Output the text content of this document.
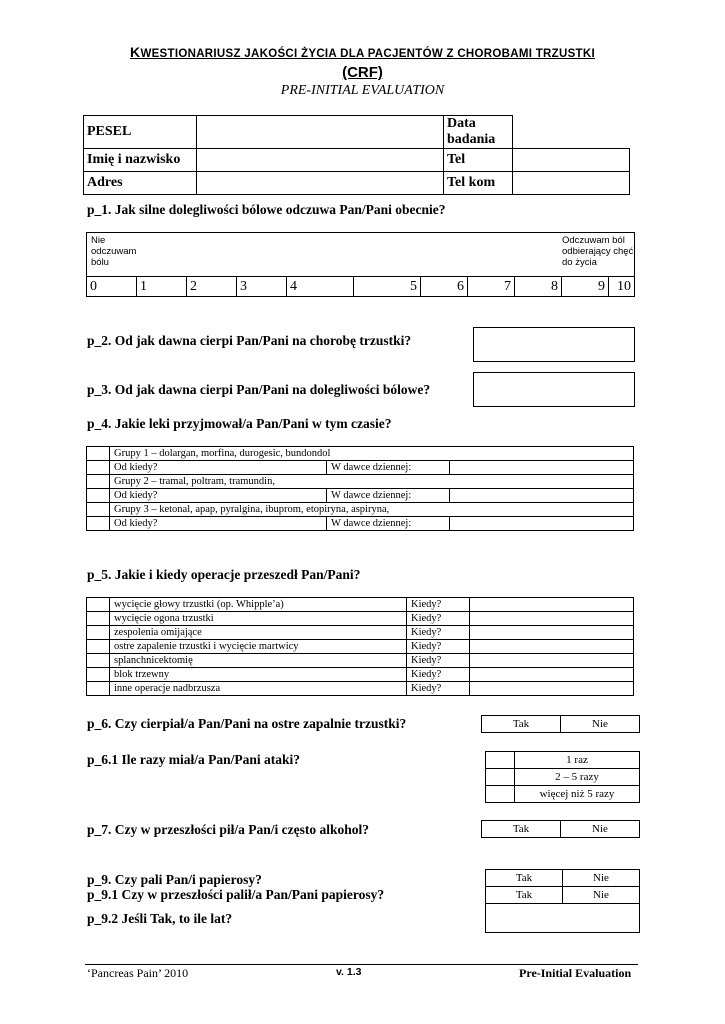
KWESTIONARIUSZ JAKOŚCI ŻYCIA DLA PACJENTÓW Z CHOROBAMI TRZUSTKI
(CRF)
PRE-INITIAL EVALUATION
PESEL		Data badania	
Imię i nazwisko		Tel	
Adres		Tel kom	
p_1. Jak silne dolegliwości bólowe odczuwa Pan/Pani obecnie?
Nie
odczuwam
bólu
Odczuwam ból
odbierający chęć
do życia

0	1	2	3	4	5	6	7	8	9	10
p_2. Od jak dawna cierpi Pan/Pani na chorobę trzustki?
p_3. Od jak dawna cierpi Pan/Pani na dolegliwości bólowe?
p_4. Jakie leki przyjmował/a Pan/Pani w tym czasie?
	Grupy 1 – dolargan, morfina, durogesic, bundondol		
	Od kiedy?	W dawce dziennej:	
	Grupy 2 – tramal, poltram, tramundin,		
	Od kiedy?	W dawce dziennej:	
	Grupy 3 – ketonal, apap, pyralgina, ibuprom, etopiryna, aspiryna,		
	Od kiedy?	W dawce dziennej:	
p_5. Jakie i kiedy operacje przeszedł Pan/Pani?
	wycięcie głowy trzustki (op. Whipple’a)	Kiedy?	
	wycięcie ogona trzustki	Kiedy?	
	zespolenia omijające	Kiedy?	
	ostre zapalenie trzustki i wycięcie martwicy	Kiedy?	
	splanchnicektomię	Kiedy?	
	blok trzewny	Kiedy?	
	inne operacje nadbrzusza	Kiedy?	
p_6. Czy cierpiał/a Pan/Pani na ostre zapalnie trzustki?	Tak	Nie
p_6.1 Ile razy miał/a Pan/Pani ataki?
		1 raz
	2 – 5 razy
	więcej niż 5 razy
p_7. Czy w przeszłości pił/a Pan/i często alkohol?	Tak	Nie
p_9. Czy pali Pan/i papierosy?
p_9.1 Czy w przeszłości palił/a Pan/Pani papierosy?
p_9.2 Jeśli Tak, to ile lat?
Tak	Nie
Tak	Nie

‘Pancreas Pain’ 2010	v. 1.3	Pre-Initial Evaluation
